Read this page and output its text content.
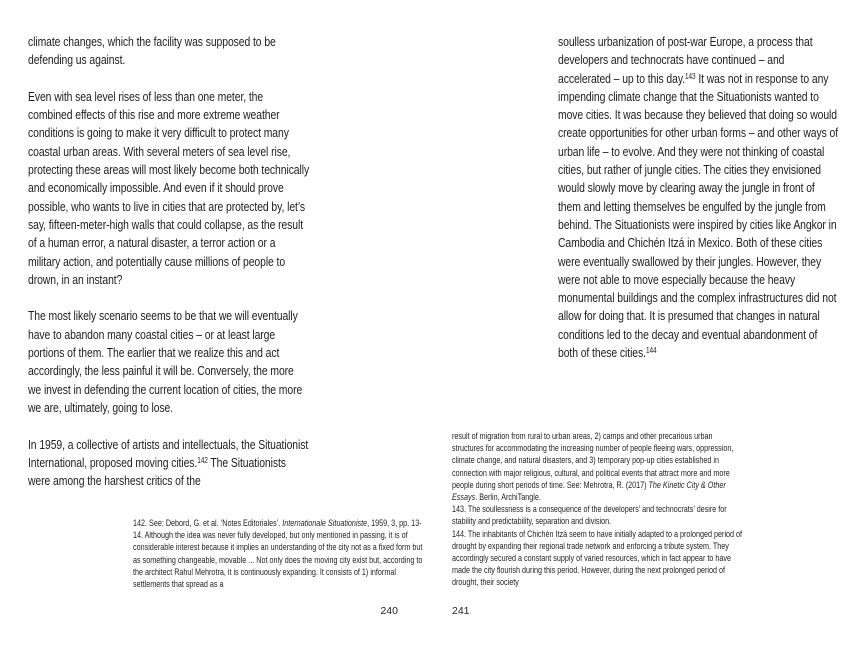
climate changes, which the facility was supposed to be defending us against.

Even with sea level rises of less than one meter, the combined effects of this rise and more extreme weather conditions is going to make it very difficult to protect many coastal urban areas. With several meters of sea level rise, protecting these areas will most likely become both technically and economically impossible. And even if it should prove possible, who wants to live in cities that are protected by, let’s say, fifteen-meter-high walls that could collapse, as the result of a human error, a natural disaster, a terror action or a military action, and potentially cause millions of people to drown, in an instant?

The most likely scenario seems to be that we will eventually have to abandon many coastal cities – or at least large portions of them. The earlier that we realize this and act accordingly, the less painful it will be. Conversely, the more we invest in defending the current location of cities, the more we are, ultimately, going to lose.

In 1959, a collective of artists and intellectuals, the Situationist International, proposed moving cities.$^{142}$ The Situationists were among the harshest critics of the

142. See: Debord, G. et al. ‘Notes Editoriales’. Internationale Situationiste, 1959, 3, pp. 13-14. Although the idea was never fully developed, but only mentioned in passing, it is of considerable interest because it implies an understanding of the city not as a fixed form but as something changeable, movable ... Not only does the moving city exist but, according to the architect Rahul Mehrotra, it is continuously expanding. It consists of 1) informal settlements that spread as a

240

soulless urbanization of post-war Europe, a process that developers and technocrats have continued – and accelerated – up to this day.$^{143}$ It was not in response to any impending climate change that the Situationists wanted to move cities. It was because they believed that doing so would create opportunities for other urban forms – and other ways of urban life – to evolve. And they were not thinking of coastal cities, but rather of jungle cities. The cities they envisioned would slowly move by clearing away the jungle in front of them and letting themselves be engulfed by the jungle from behind. The Situationists were inspired by cities like Angkor in Cambodia and Chichén Itzá in Mexico. Both of these cities were eventually swallowed by their jungles. However, they were not able to move especially because the heavy monumental buildings and the complex infrastructures did not allow for doing that. It is presumed that changes in natural conditions led to the decay and eventual abandonment of both of these cities.$^{144}$

result of migration from rural to urban areas, 2) camps and other precarious urban structures for accommodating the increasing number of people fleeing wars, oppression, climate change, and natural disasters, and 3) temporary pop-up cities established in connection with major religious, cultural, and political events that attract more and more people during short periods of time. See: Mehrotra, R. (2017) The Kinetic City & Other Essays. Berlin, ArchiTangle.

143. The soullessness is a consequence of the developers’ and technocrats’ desire for stability and predictability, separation and division.

144. The inhabitants of Chichén Itzá seem to have initially adapted to a prolonged period of drought by expanding their regional trade network and enforcing a tribute system. They accordingly secured a constant supply of varied resources, which in fact appear to have made the city flourish during this period. However, during the next prolonged period of drought, their society

241
